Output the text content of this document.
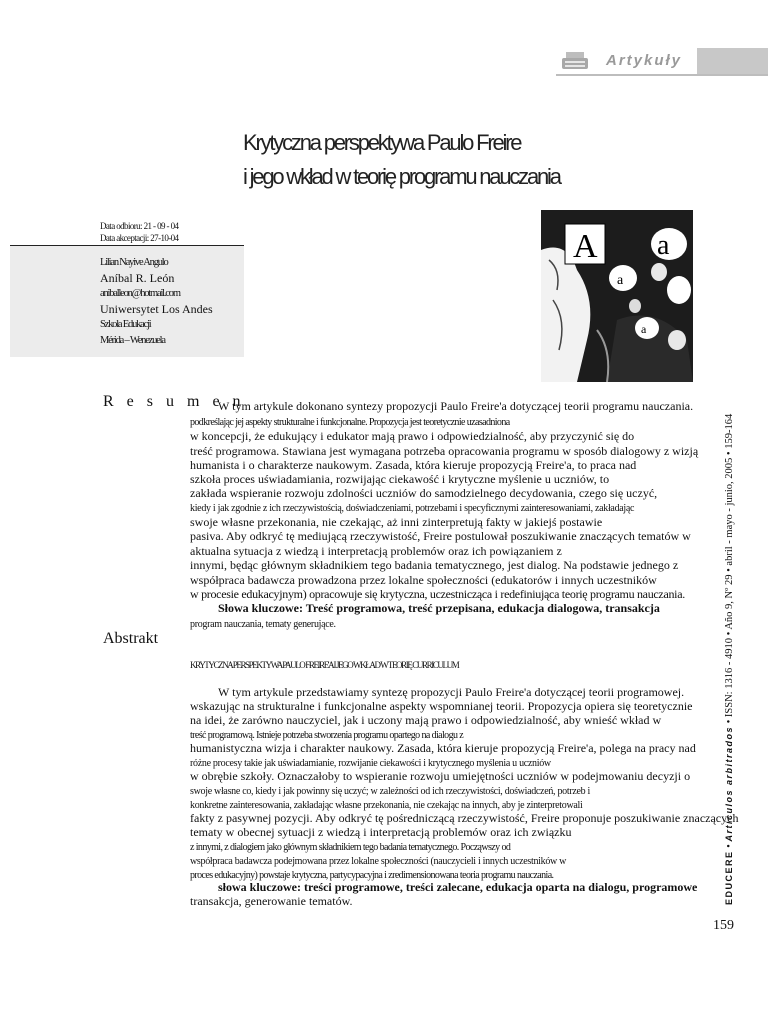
Artykuły
Krytyczna perspektywa Paulo Freire
i jego wkład w teorię programu nauczania
Data odbioru: 21 - 09 - 04
Data akceptacji: 27-10-04
Lilian Nayive Angulo
Aníbal R. León
aniballeon@hotmail.com
Uniwersytet Los Andes
Szkoła Edukacji
Mérida – Wenezuela
A a
a
a
R e s u m e n
W tym artykule dokonano syntezy propozycji Paulo Freire'a dotyczącej teorii programu nauczania.
podkreślając jej aspekty strukturalne i funkcjonalne. Propozycja jest teoretycznie uzasadniona
w koncepcji, że edukujący i edukator mają prawo i odpowiedzialność, aby przyczynić się do
treść programowa. Stawiana jest wymagana potrzeba opracowania programu w sposób dialogowy z wizją
humanista i o charakterze naukowym. Zasada, która kieruje propozycją Freire'a, to praca nad
szkoła proces uświadamiania, rozwijając ciekawość i krytyczne myślenie u uczniów, to
zakłada wspieranie rozwoju zdolności uczniów do samodzielnego decydowania, czego się uczyć,
kiedy i jak zgodnie z ich rzeczywistością, doświadczeniami, potrzebami i specyficznymi zainteresowaniami, zakładając
swoje własne przekonania, nie czekając, aż inni zinterpretują fakty w jakiejś postawie
pasiva. Aby odkryć tę mediującą rzeczywistość, Freire postulował poszukiwanie znaczących tematów w
aktualna sytuacja z wiedzą i interpretacją problemów oraz ich powiązaniem z
innymi, będąc głównym składnikiem tego badania tematycznego, jest dialog. Na podstawie jednego z
współpraca badawcza prowadzona przez lokalne społeczności (edukatorów i innych uczestników
w procesie edukacyjnym) opracowuje się krytyczna, uczestnicząca i redefiniująca teorię programu nauczania.
Słowa kluczowe: Treść programowa, treść przepisana, edukacja dialogowa, transakcja
program nauczania, tematy generujące.
Abstrakt
KRYTYCZNA PERSPEKTYWA PAULO FREIRE'A I JEGO WKŁAD W TEORIĘ CURRICULUM
W tym artykule przedstawiamy syntezę propozycji Paulo Freire'a dotyczącej teorii programowej.
wskazując na strukturalne i funkcjonalne aspekty wspomnianej teorii. Propozycja opiera się teoretycznie
na idei, że zarówno nauczyciel, jak i uczony mają prawo i odpowiedzialność, aby wnieść wkład w
treść programową. Istnieje potrzeba stworzenia programu opartego na dialogu z
humanistyczna wizja i charakter naukowy. Zasada, która kieruje propozycją Freire'a, polega na pracy nad
różne procesy takie jak uświadamianie, rozwijanie ciekawości i krytycznego myślenia u uczniów
w obrębie szkoły. Oznaczałoby to wspieranie rozwoju umiejętności uczniów w podejmowaniu decyzji o
swoje własne co, kiedy i jak powinny się uczyć; w zależności od ich rzeczywistości, doświadczeń, potrzeb i
konkretne zainteresowania, zakładając własne przekonania, nie czekając na innych, aby je zinterpretowali
fakty z pasywnej pozycji. Aby odkryć tę pośredniczącą rzeczywistość, Freire proponuje poszukiwanie znaczących
tematy w obecnej sytuacji z wiedzą i interpretacją problemów oraz ich związku
z innymi, z dialogiem jako głównym składnikiem tego badania tematycznego. Począwszy od
współpraca badawcza podejmowana przez lokalne społeczności (nauczycieli i innych uczestników w
proces edukacyjny) powstaje krytyczna, partycypacyjna i zredimensionowana teoria programu nauczania.
słowa kluczowe: treści programowe, treści zalecane, edukacja oparta na dialogu, programowe
transakcja, generowanie tematów.	EDUCERE • Artículos arbitrados • ISSN: 1316 - 4910 • Año 9, Nº 29 • abril - mayo - junio, 2005 • 159-164
159
